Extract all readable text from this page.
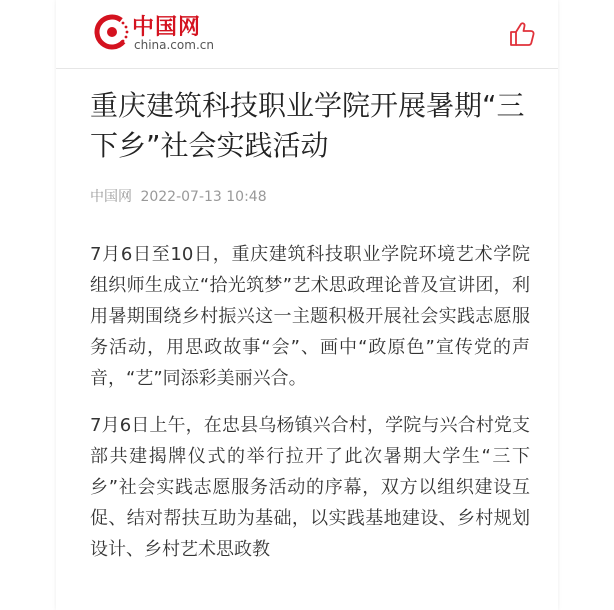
中国网
china.com.cn
重庆建筑科技职业学院开展暑期“三下乡”社会实践活动
中国网 2022-07-13 10:48

7月6日至10日，重庆建筑科技职业学院环境艺术学院组织师生成立“拾光筑梦”艺术思政理论普及宣讲团，利用暑期围绕乡村振兴这一主题积极开展社会实践志愿服务活动，用思政故事“会”、画中“政原色”宣传党的声音，“艺”同添彩美丽兴合。

7月6日上午，在忠县乌杨镇兴合村，学院与兴合村党支部共建揭牌仪式的举行拉开了此次暑期大学生“三下乡”社会实践志愿服务活动的序幕，双方以组织建设互促、结对帮扶互助为基础，以实践基地建设、乡村规划设计、乡村艺术思政教
